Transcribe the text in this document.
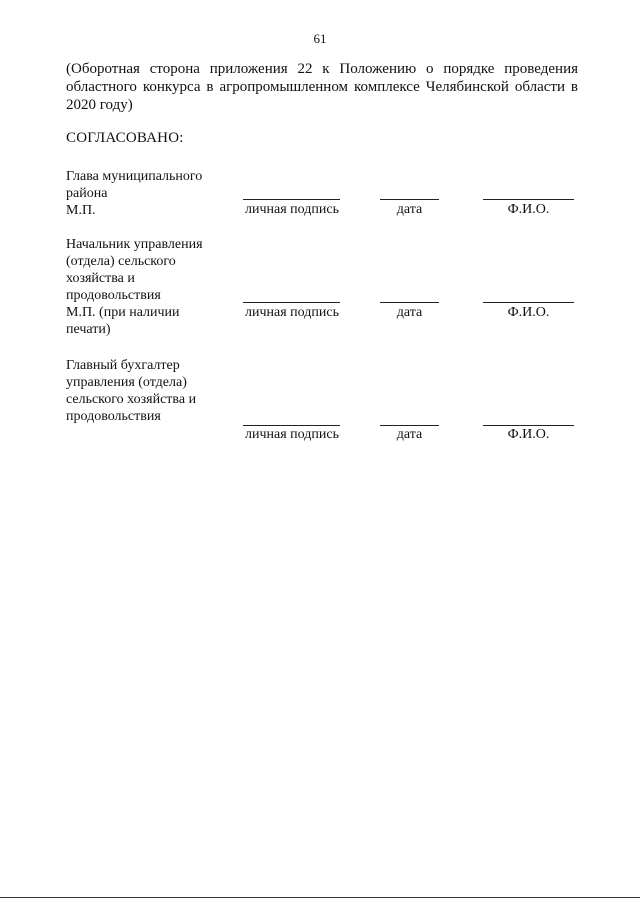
61
(Оборотная сторона приложения 22 к Положению о порядке проведения областного конкурса в агропромышленном комплексе Челябинской области в 2020 году)
СОГЛАСОВАНО:
Глава муниципального
района
М.П.	личная подпись	дата	Ф.И.О.
Начальник управления
(отдела) сельского
хозяйства и
продовольствия
М.П. (при наличии
печати)
личная подпись	дата	Ф.И.О.
Главный бухгалтер
управления (отдела)
сельского хозяйства и
продовольствия
личная подпись	дата	Ф.И.О.
